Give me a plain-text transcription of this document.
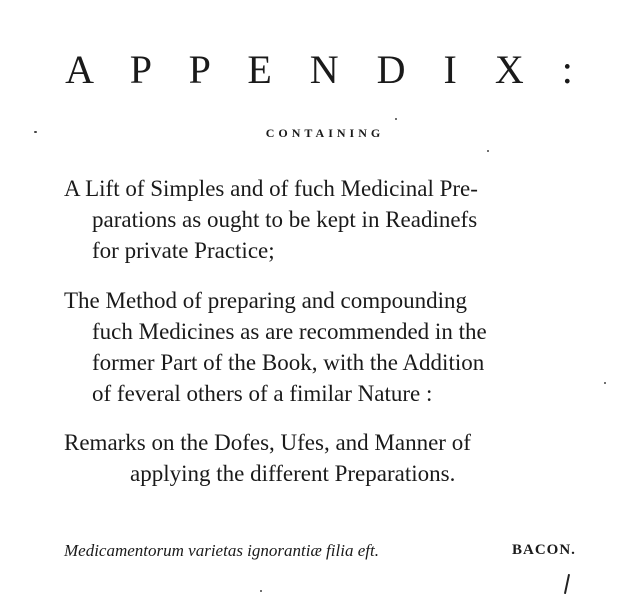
A P P E N D I X :
CONTAINING
A Lift of Simples and of fuch Medicinal Pre-
parations as ought to be kept in Readinefs
for private Practice;
The Method of preparing and compounding
fuch Medicines as are recommended in the
former Part of the Book, with the Addition
of feveral others of a fimilar Nature :
Remarks on the Dofes, Ufes, and Manner of
applying the different Preparations.
Medicamentorum varietas ignorantiæ filia eft.	BACON.
